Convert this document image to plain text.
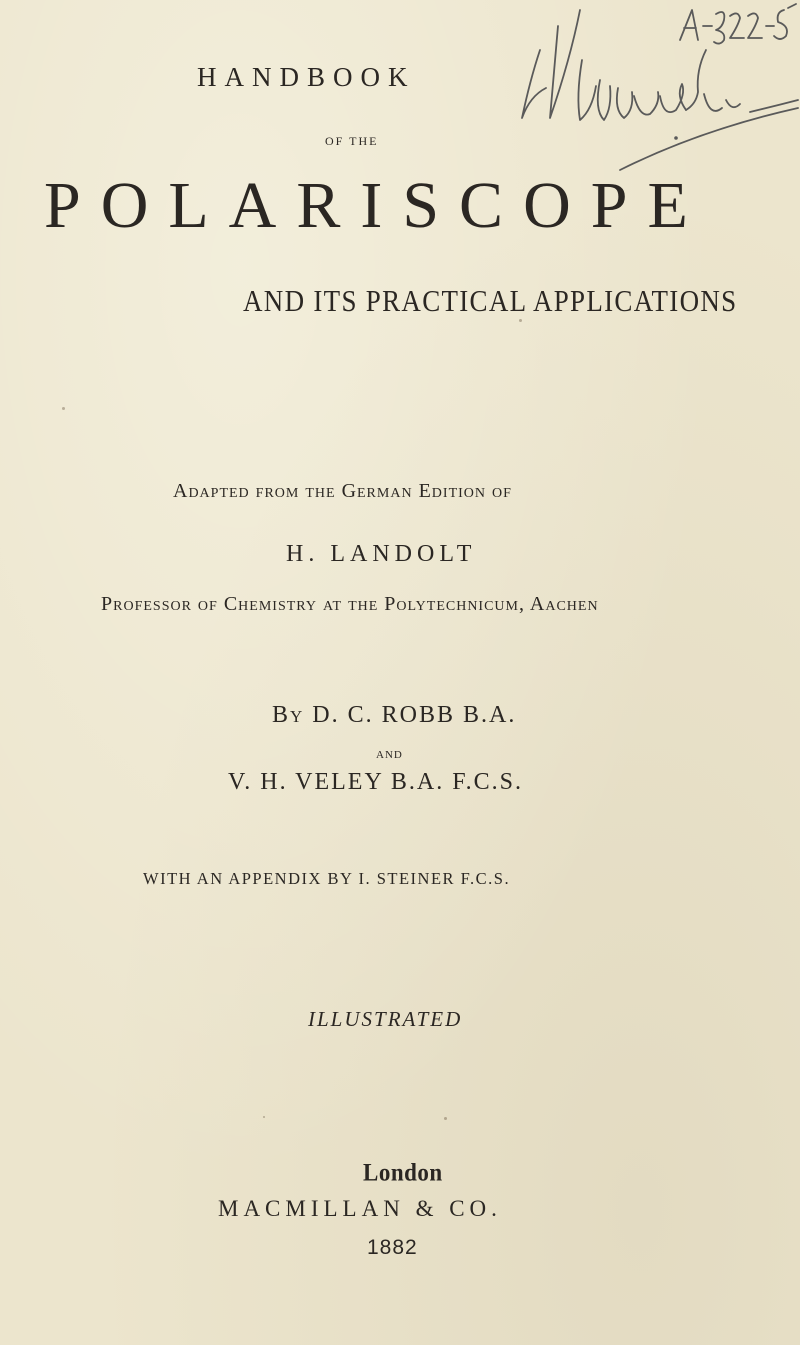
HANDBOOK
OF THE
POLARISCOPE
AND ITS PRACTICAL APPLICATIONS
Adapted from the German Edition of
H. LANDOLT
Professor of Chemistry at the Polytechnicum, Aachen
By D. C. ROBB B.A.
AND
V. H. VELEY B.A. F.C.S.
WITH AN APPENDIX BY I. STEINER F.C.S.
ILLUSTRATED
London
MACMILLAN & CO.
1882
